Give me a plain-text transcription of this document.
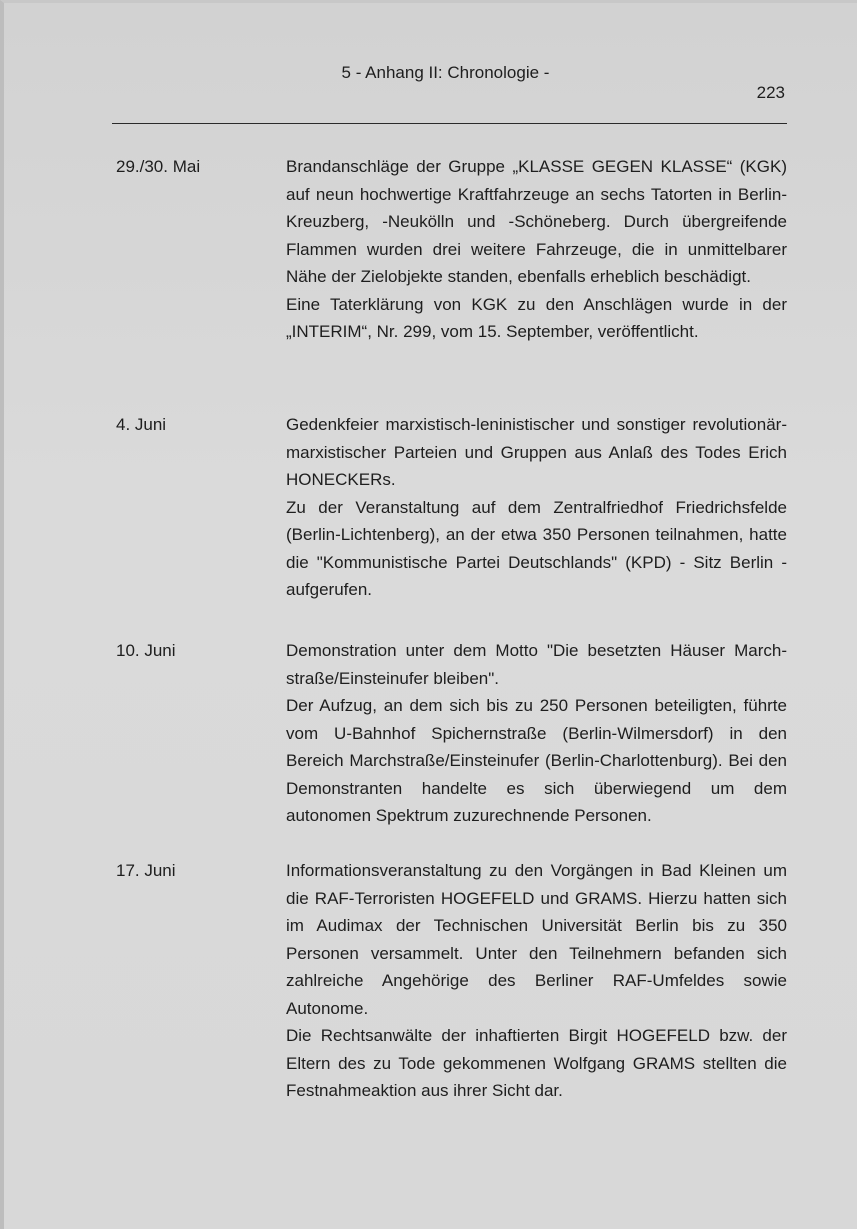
5 - Anhang II: Chronologie -
223
29./30. Mai	Brandanschläge der Gruppe „KLASSE GEGEN KLASSE“ (KGK) auf neun hochwertige Kraftfahrzeuge an sechs Tatorten in Berlin-Kreuzberg, -Neukölln und -Schöneberg. Durch übergreifende Flammen wurden drei weitere Fahrzeuge, die in unmittelbarer Nähe der Zielobjekte standen, ebenfalls erheblich beschädigt.

Eine Taterklärung von KGK zu den Anschlägen wurde in der „INTERIM“, Nr. 299, vom 15. September, veröffentlicht.

4. Juni	Gedenkfeier marxistisch-leninistischer und sonstiger revolutionär-marxistischer Parteien und Gruppen aus Anlaß des Todes Erich HONECKERs.

Zu der Veranstaltung auf dem Zentralfriedhof Friedrichsfelde (Berlin-Lichtenberg), an der etwa 350 Personen teilnahmen, hatte die "Kommunistische Partei Deutschlands" (KPD) - Sitz Berlin - aufgerufen.

10. Juni	Demonstration unter dem Motto "Die besetzten Häuser Marchstraße/Einsteinufer bleiben".

Der Aufzug, an dem sich bis zu 250 Personen beteiligten, führte vom U-Bahnhof Spichernstraße (Berlin-Wilmersdorf) in den Bereich Marchstraße/Einsteinufer (Berlin-Charlottenburg). Bei den Demonstranten handelte es sich überwiegend um dem autonomen Spektrum zuzurechnende Personen.

17. Juni	Informationsveranstaltung zu den Vorgängen in Bad Kleinen um die RAF-Terroristen HOGEFELD und GRAMS. Hierzu hatten sich im Audimax der Technischen Universität Berlin bis zu 350 Personen versammelt. Unter den Teilnehmern befanden sich zahlreiche Angehörige des Berliner RAF-Umfeldes sowie Autonome.

Die Rechtsanwälte der inhaftierten Birgit HOGEFELD bzw. der Eltern des zu Tode gekommenen Wolfgang GRAMS stellten die Festnahmeaktion aus ihrer Sicht dar.
